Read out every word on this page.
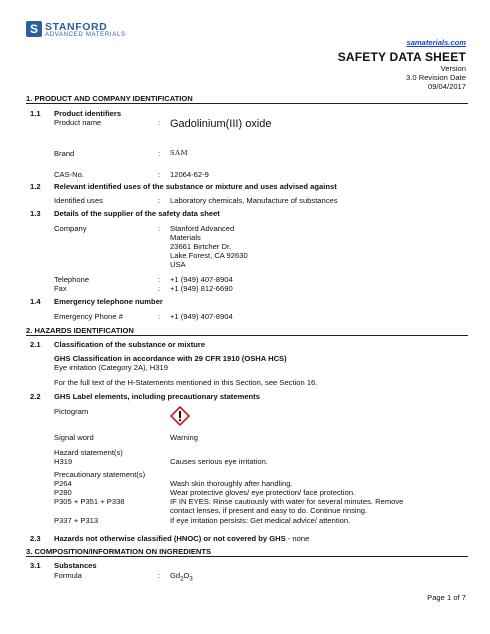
S STANFORD
ADVANCED MATERIALS
samaterials.com
SAFETY DATA SHEET
Version
3.0 Revision Date
09/04/2017
1. PRODUCT AND COMPANY IDENTIFICATION
1.1 Product identifiers
Product name	: Gadolinium(III) oxide
Brand	: SAM
CAS-No.	: 12064-62-9
1.2 Relevant identified uses of the substance or mixture and uses advised against
Identified uses	: Laboratory chemicals, Manufacture of substances
1.3 Details of the supplier of the safety data sheet
Company	: Stanford Advanced
Materials
23661 Birtcher Dr.
Lake Forest, CA 92630
USA
Telephone	: +1 (949) 407-8904
Fax	: +1 (949) 812-6690
1.4 Emergency telephone number
Emergency Phone #	: +1 (949) 407-8904
2. HAZARDS IDENTIFICATION
2.1 Classification of the substance or mixture
GHS Classification in accordance with 29 CFR 1910 (OSHA HCS)
Eye irritation (Category 2A), H319
For the full text of the H-Statements mentioned in this Section, see Section 16.
2.2 GHS Label elements, including precautionary statements
Pictogram
Signal word	Warning
Hazard statement(s)
H319	Causes serious eye irritation.
Precautionary statement(s)
P264	Wash skin thoroughly after handling.
P280	Wear protective gloves/ eye protection/ face protection.
P305 + P351 + P338	IF IN EYES: Rinse cautiously with water for several minutes. Remove
contact lenses, if present and easy to do. Continue rinsing.
P337 + P313	If eye irritation persists: Get medical advice/ attention.
2.3 Hazards not otherwise classified (HNOC) or not covered by GHS - none
3. COMPOSITION/INFORMATION ON INGREDIENTS
3.1 Substances
Formula	: $Gd_2O_3$
Page 1 of 7
